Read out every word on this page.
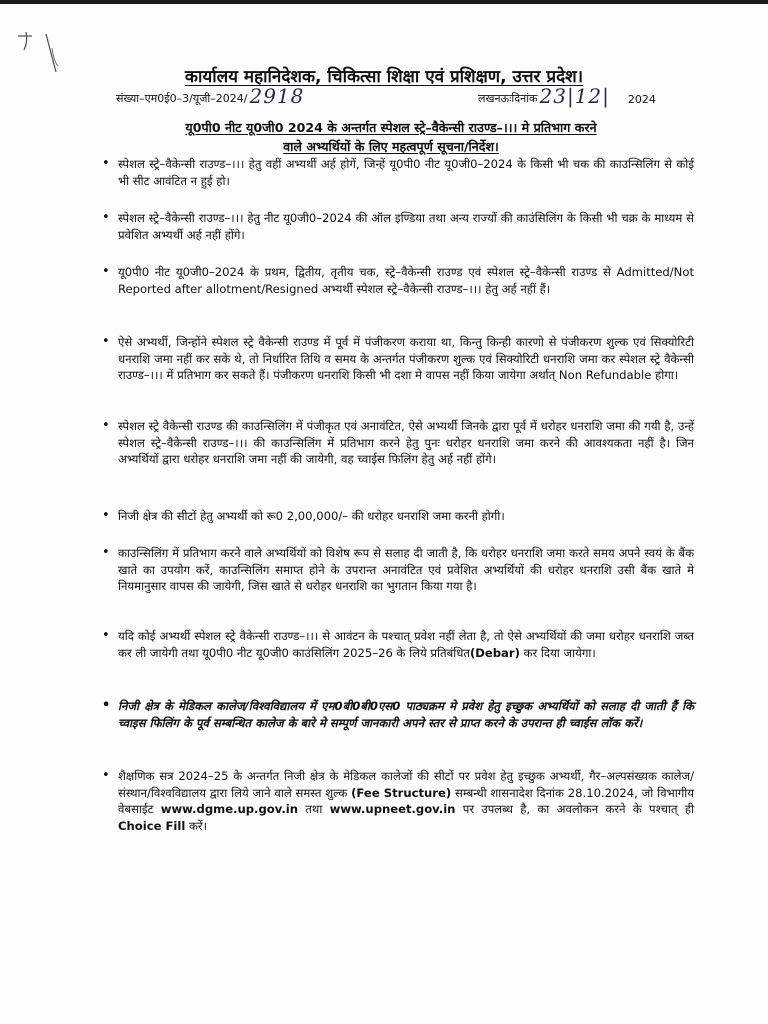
कार्यालय महानिदेशक, चिकित्सा शिक्षा एवं प्रशिक्षण, उत्तर प्रदेश।
संख्या–एम0ई0–3/यूजी–2024/ 2918	लखनऊःदिनांक 23|12| 2024
यू0पी0 नीट यू0जी0 2024 के अन्तर्गत स्पेशल स्ट्रे–वैकेन्सी राउण्ड–।।। मे प्रतिभाग करने
वाले अभ्यर्थियों के लिए महत्वपूर्ण सूचना/निर्देश।
• स्पेशल स्ट्रे–वैकेन्सी राउण्ड–।।। हेतु वहीं अभ्यर्थी अर्ह होगें, जिन्हें यू0पी0 नीट यू0जी0–2024 के किसी भी चक की काउन्सिलिंग से कोई भी सीट आवंटित न हुई हो।
• स्पेशल स्ट्रे–वैकेन्सी राउण्ड–।।। हेतु नीट यू0जी0–2024 की ऑल इण्डिया तथा अन्य राज्यों की काउंसिलिंग के किसी भी चक्र के माध्यम से प्रवेशित अभ्यर्थी अर्ह नहीं होंगे।
• यू0पी0 नीट यू0जी0–2024 के प्रथम, द्वितीय, तृतीय चक, स्ट्रे–वैकेन्सी राउण्ड एवं स्पेशल स्ट्रे–वैकेन्सी राउण्ड से Admitted/Not Reported after allotment/Resigned अभ्यर्थी स्पेशल स्ट्रे–वैकेन्सी राउण्ड–।।। हेतु अर्ह नहीं हैं।
• ऐसे अभ्यर्थी, जिन्होंने स्पेशल स्ट्रे वैकेन्सी राउण्ड में पूर्व में पंजीकरण कराया था, किन्तु किन्ही कारणो से पंजीकरण शुल्क एवं सिक्योरिटी धनराशि जमा नहीं कर सके थे, तो निर्धारित तिथि व समय के अन्तर्गत पंजीकरण शुल्क एवं सिक्योरिटी धनराशि जमा कर स्पेशल स्ट्रे वैकेन्सी राउण्ड–।।। में प्रतिभाग कर सकते हैं। पंजीकरण धनराशि किसी भी दशा मे वापस नहीं किया जायेगा अर्थात् Non Refundable होगा।
• स्पेशल स्ट्रे वैकेन्सी राउण्ड की काउन्सिलिंग में पंजीकृत एवं अनावंटित, ऐसे अभ्यर्थी जिनके द्वारा पूर्व में धरोहर धनराशि जमा की गयी है, उन्हें स्पेशल स्ट्रे–वैकेन्सी राउण्ड–।।। की काउन्सिलिंग में प्रतिभाग करने हेतु पुनः धरोहर धनराशि जमा करने की आवश्यकता नहीं है। जिन अभ्यर्थियों द्वारा धरोहर धनराशि जमा नहीं की जायेगी, वह च्वाईस फिलिंग हेतु अर्ह नहीं होंगे।
• निजी क्षेत्र की सीटों हेतु अभ्यर्थी को रू0 2,00,000/– की धरोहर धनराशि जमा करनी होगी।
• काउन्सिलिंग में प्रतिभाग करने वाले अभ्यर्थियों को विशेष रूप से सलाह दी जाती है, कि धरोहर धनराशि जमा करते समय अपने स्वयं के बैंक खाते का उपयोग करें, काउन्सिलिंग समाप्त होने के उपरान्त अनावंटित एवं प्रवेशित अभ्यर्थियों की धरोहर धनराशि उसी बैंक खाते मे नियमानुसार वापस की जायेगी, जिस खाते से धरोहर धनराशि का भुगतान किया गया है।
• यदि कोई अभ्यर्थी स्पेशल स्ट्रे वैकेन्सी राउण्ड–।।। से आवंटन के पश्चात् प्रवेश नहीं लेता है, तो ऐसे अभ्यर्थियों की जमा धरोहर धनराशि जब्त कर ली जायेगी तथा यू0पी0 नीट यू0जी0 काउंसिलिंग 2025–26 के लिये प्रतिबंधित(Debar) कर दिया जायेगा।
• निजी क्षेत्र के मेडिकल कालेज/विश्वविद्यालय में एम0बी0बी0एस0 पाठ्यक्रम मे प्रवेश हेतु इच्छुक अभ्यर्थियों को सलाह दी जाती हैं कि च्वाइस फिलिंग के पूर्व सम्बन्धित कालेज के बारे मे सम्पूर्ण जानकारी अपने स्तर से प्राप्त करने के उपरान्त ही च्वाईस लॉक करें।
• शैक्षणिक सत्र 2024–25 के अन्तर्गत निजी क्षेत्र के मेडिकल कालेजों की सीटों पर प्रवेश हेतु इच्छुक अभ्यर्थी, गैर–अल्पसंख्यक कालेज/संस्थान/विश्वविद्यालय द्वारा लिये जाने वाले समस्त शुल्क (Fee Structure) सम्बन्धी शासनादेश दिनांक 28.10.2024, जो विभागीय वेबसाईट www.dgme.up.gov.in तथा www.upneet.gov.in पर उपलब्ध है, का अवलोकन करने के पश्चात् ही Choice Fill करें।
